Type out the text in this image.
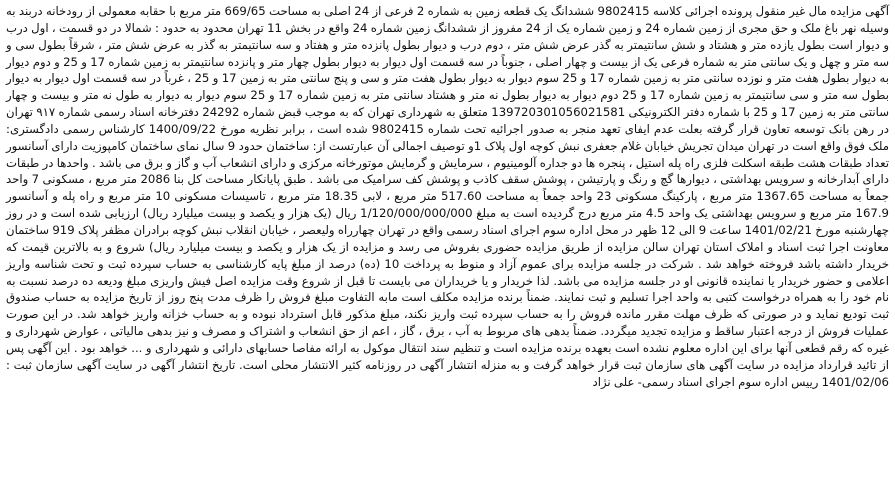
آگهی مزایده مال غیر منقول پرونده اجرائی کلاسه 9802415 ششدانگ یک قطعه زمین به شماره 2 فرعی از 24 اصلی به مساحت 669/65 متر مربع با حقابه معمولی از رودخانه دربند به وسیله نهر باغ ملک و حق مجری از زمین شماره 24 و زمین شماره یک از 24 مفروز از ششدانگ زمین شماره 24 واقع در بخش 11 تهران محدود به حدود : شمالا در دو قسمت ، اول درب و دیوار است بطول یازده متر و هشتاد و شش سانتیمتر به گذر عرض شش متر ، دوم درب و دیوار بطول پانزده متر و هفتاد و سه سانتیمتر به گذر به عرض شش متر ، شرقاً بطول سی و سه متر و چهل و یک سانتی متر به شماره فرعی یک از بیست و چهار اصلی ، جنوباً در سه قسمت اول دیوار به دیوار بطول چهار متر و پانزده سانتیمتر به زمین شماره 17 و 25 و دوم دیوار به دیوار بطول هفت متر و نوزده سانتی متر به زمین شماره 17 و 25 سوم دیوار به دیوار بطول هفت متر و سی و پنج سانتی متر به زمین 17 و 25 ، غرباً در سه قسمت اول دیوار به دیوار بطول سه متر و سی سانتیمتر به زمین شماره 17 و 25 دوم دیوار به دیوار بطول نه متر و هشتاد سانتی متر به زمین شماره 17 و 25 سوم دیوار به دیوار به طول نه متر و بیست و چهار سانتی متر به زمین 17 و 25 با شماره دفتر الکترونیکی 139720301056021581 متعلق به شهرداری تهران که به موجب قبض شماره 24292 دفترخانه اسناد رسمی شماره ۹۱۷ تهران در رهن بانک توسعه تعاون قرار گرفته بعلت عدم ایفای تعهد منجر به صدور اجرائیه تحت شماره 9802415 شده است ، برابر نظریه مورخ 1400/09/22 کارشناس رسمی دادگستری: ملک فوق واقع است در تهران میدان تجریش خیابان غلام جعفری نبش کوچه اول پلاک 1و توصیف اجمالی آن عبارتست از: ساختمان حدود 9 سال نمای ساختمان کامپوزیت دارای آسانسور تعداد طبقات هشت طبقه اسکلت فلزی راه پله استیل ، پنجره ها دو جداره آلومینیوم ، سرمایش و گرمایش موتورخانه مرکزی و دارای انشعاب آب و گاز و برق می باشد . واحدها در طبقات دارای آبدارخانه و سرویس بهداشتی ، دیوارها گچ و رنگ و پارتیشن ، پوشش سقف کاذب و پوشش کف سرامیک می باشد . طبق پایانکار مساحت کل بنا 2086 متر مربع ، مسکونی 7 واحد جمعاً به مساحت 1367.65 متر مربع ، پارکینگ مسکونی 23 واحد جمعاً به مساحت 517.60 متر مربع ، لابی 18.35 متر مربع ، تاسیسات مسکونی 10 متر مربع و راه پله و آسانسور 167.9 متر مربع و سرویس بهداشتی یک واحد 4.5 متر مربع درج گردیده است به مبلغ 1/120/000/000/000 ریال (یک هزار و یکصد و بیست میلیارد ریال) ارزیابی شده است و در روز چهارشنبه مورخ 1401/02/21 ساعت 9 الی 12 ظهر در محل اداره سوم اجرای اسناد رسمی واقع در تهران چهارراه ولیعصر ، خیابان انقلاب نبش کوچه برادران مظفر پلاک 919 ساختمان معاونت اجرا ثبت اسناد و املاک استان تهران سالن مزایده از طریق مزایده حضوری بفروش می رسد و مزایده از یک هزار و یکصد و بیست میلیارد ریال) شروع و به بالاترین قیمت که خریدار داشته باشد فروخته خواهد شد . شرکت در جلسه مزایده برای عموم آزاد و منوط به پرداخت 10 (ده) درصد از مبلغ پایه کارشناسی به حساب سپرده ثبت و تحت شناسه واریز اعلامی و حضور خریدار یا نماینده قانونی او در جلسه مزایده می باشد. لذا خریدار و یا خریداران می بایست تا قبل از شروع وقت مزایده اصل فیش واریزی مبلغ ودیعه ده درصد نسبت به نام خود را به همراه درخواست کتبی به واحد اجرا تسلیم و ثبت نمایند. ضمناً برنده مزایده مکلف است مابه التفاوت مبلغ فروش را ظرف مدت پنج روز از تاریخ مزایده به حساب صندوق ثبت تودیع نماید و در صورتی که ظرف مهلت مقرر مانده فروش را به حساب سپرده ثبت واریز نکند، مبلغ مذکور قابل استرداد نبوده و به حساب خزانه واریز خواهد شد. در این صورت عملیات فروش از درجه اعتبار ساقط و مزایده تجدید میگردد. ضمناً بدهی های مربوط به آب ، برق ، گاز ، اعم از حق انشعاب و اشتراک و مصرف و نیز بدهی مالیاتی ، عوارض شهرداری و غیره که رقم قطعی آنها برای این اداره معلوم نشده است بعهده برنده مزایده است و تنظیم سند انتقال موکول به ارائه مفاصا حسابهای دارائی و شهرداری و ... خواهد بود . این آگهی پس از تائید قرارداد مزایده در سایت آگهی های سازمان ثبت قرار خواهد گرفت و به منزله انتشار آگهی در روزنامه کثیر الانتشار محلی است. تاریخ انتشار آگهی در سایت آگهی سازمان ثبت : 1401/02/06 رییس اداره سوم اجرای اسناد رسمی- علی نژاد
